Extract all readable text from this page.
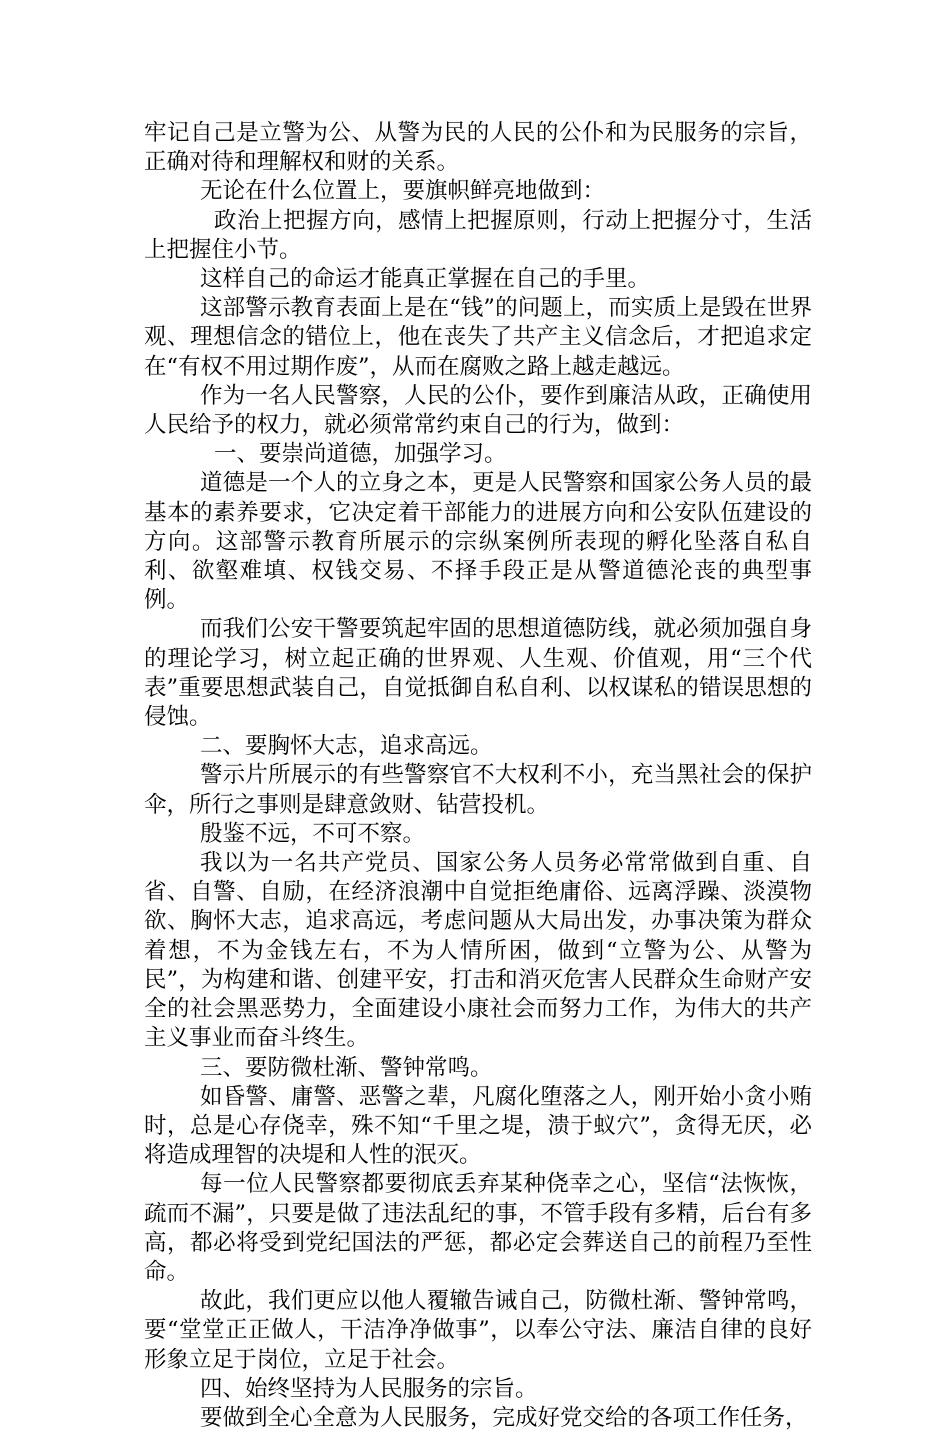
牢记自己是立警为公、从警为民的人民的公仆和为民服务的宗旨，正确对待和理解权和财的关系。

无论在什么位置上，要旗帜鲜亮地做到：

政治上把握方向，感情上把握原则，行动上把握分寸，生活上把握住小节。

这样自己的命运才能真正掌握在自己的手里。

这部警示教育表面上是在“钱”的问题上，而实质上是毁在世界观、理想信念的错位上，他在丧失了共产主义信念后，才把追求定在“有权不用过期作废”，从而在腐败之路上越走越远。

作为一名人民警察，人民的公仆，要作到廉洁从政，正确使用人民给予的权力，就必须常常约束自己的行为，做到：

一、要崇尚道德，加强学习。

道德是一个人的立身之本，更是人民警察和国家公务人员的最基本的素养要求，它决定着干部能力的进展方向和公安队伍建设的方向。这部警示教育所展示的宗纵案例所表现的孵化坠落自私自利、欲壑难填、权钱交易、不择手段正是从警道德沦丧的典型事例。

而我们公安干警要筑起牢固的思想道德防线，就必须加强自身的理论学习，树立起正确的世界观、人生观、价值观，用“三个代表”重要思想武装自己，自觉抵御自私自利、以权谋私的错误思想的侵蚀。

二、要胸怀大志，追求高远。

警示片所展示的有些警察官不大权利不小，充当黑社会的保护伞，所行之事则是肆意敛财、钻营投机。

殷鉴不远，不可不察。

我以为一名共产党员、国家公务人员务必常常做到自重、自省、自警、自励，在经济浪潮中自觉拒绝庸俗、远离浮躁、淡漠物欲、胸怀大志，追求高远，考虑问题从大局出发，办事决策为群众着想，不为金钱左右，不为人情所困，做到“立警为公、从警为民”，为构建和谐、创建平安，打击和消灭危害人民群众生命财产安全的社会黑恶势力，全面建设小康社会而努力工作，为伟大的共产主义事业而奋斗终生。

三、要防微杜渐、警钟常鸣。

如昏警、庸警、恶警之辈，凡腐化堕落之人，刚开始小贪小贿时，总是心存侥幸，殊不知“千里之堤，溃于蚁穴”，贪得无厌，必将造成理智的决堤和人性的泯灭。

每一位人民警察都要彻底丢弃某种侥幸之心，坚信“法恢恢，疏而不漏”，只要是做了违法乱纪的事，不管手段有多精，后台有多高，都必将受到党纪国法的严惩，都必定会葬送自己的前程乃至性命。

故此，我们更应以他人覆辙告诫自己，防微杜渐、警钟常鸣，要“堂堂正正做人，干洁净净做事”，以奉公守法、廉洁自律的良好形象立足于岗位，立足于社会。

四、始终坚持为人民服务的宗旨。

要做到全心全意为人民服务，完成好党交给的各项工作任务，
